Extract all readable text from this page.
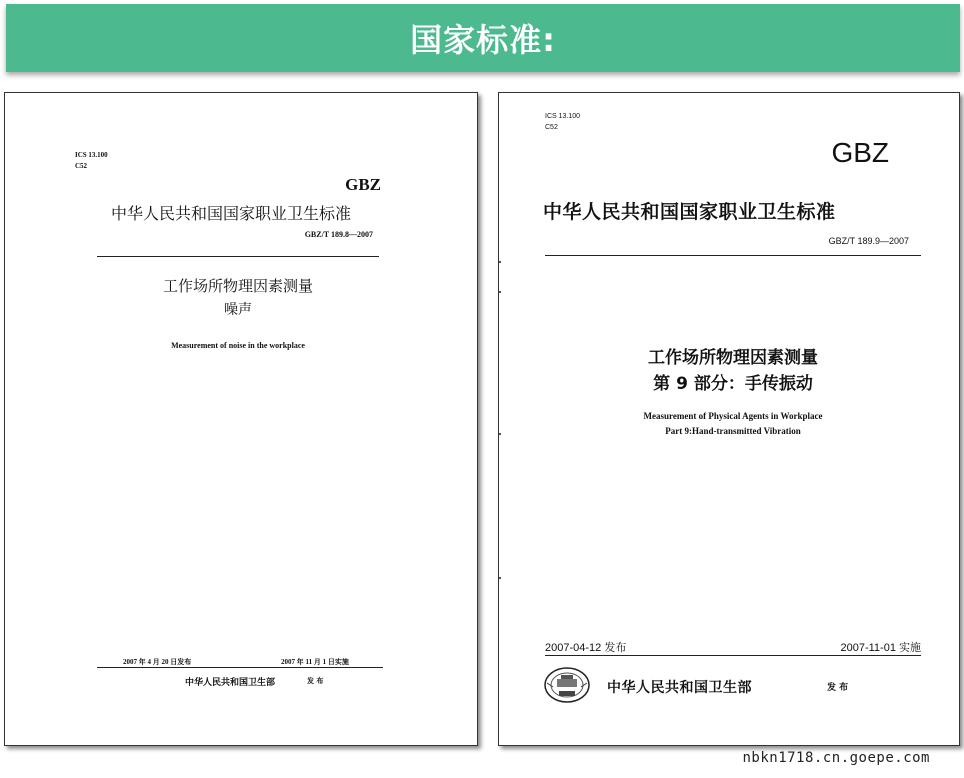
国家标准:
ICS 13.100
C52
GBZ
中华人民共和国国家职业卫生标准
GBZ/T 189.8—2007
工作场所物理因素测量
噪声
Measurement of noise in the workplace
2007 年 4 月 20 日发布	2007 年 11 月 1 日实施
中华人民共和国卫生部	发 布
ICS 13.100
C52
GBZ
中华人民共和国国家职业卫生标准
GBZ/T 189.9—2007
工作场所物理因素测量
第 9 部分：手传振动
Measurement of Physical Agents in Workplace
Part 9:Hand-transmitted Vibration
2007-04-12 发布	2007-11-01 实施
中华人民共和国卫生部	发 布
nbkn1718.cn.goepe.com
